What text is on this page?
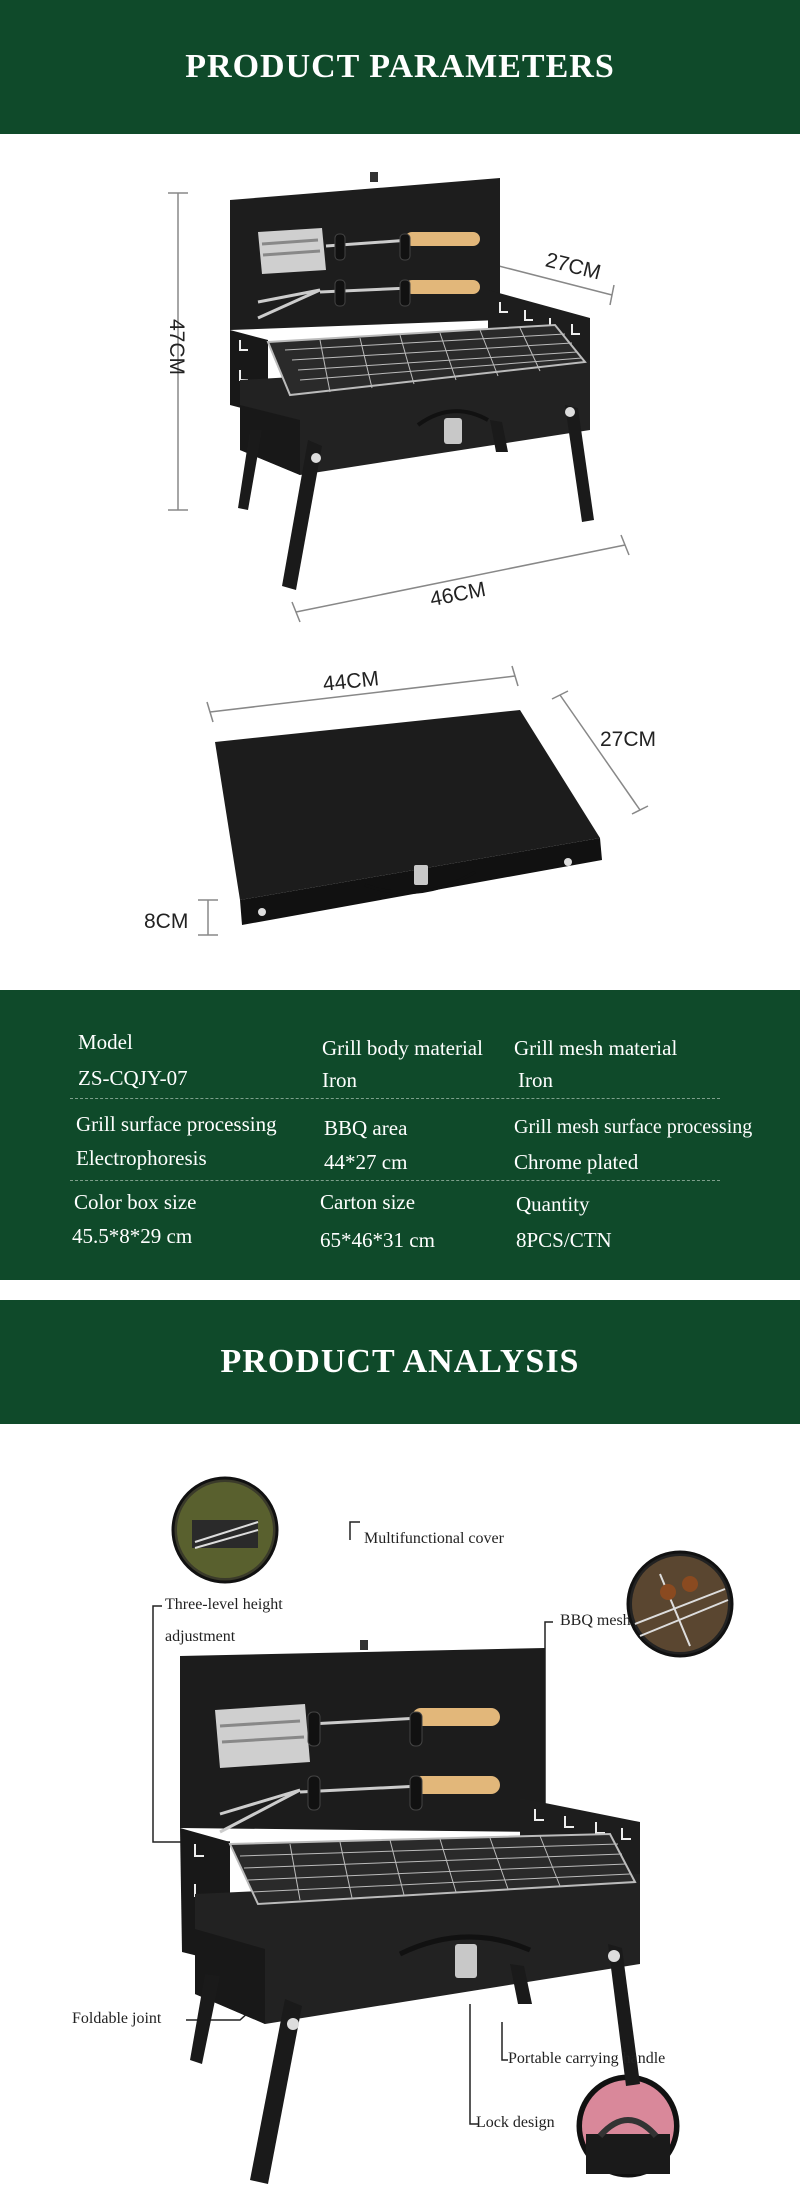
PRODUCT PARAMETERS
47CM
27CM
46CM
44CM
27CM
8CM
Model
ZS-CQJY-07
Grill body material
Iron
Grill mesh material
Iron
Grill surface processing
Electrophoresis
BBQ area
44*27 cm
Grill mesh surface processing
Chrome plated
Color box size
45.5*8*29 cm
Carton size
65*46*31 cm
Quantity
8PCS/CTN
PRODUCT ANALYSIS
Multifunctional cover
Three-level height
adjustment
BBQ mesh
Foldable joint
Portable carrying handle
Lock design
